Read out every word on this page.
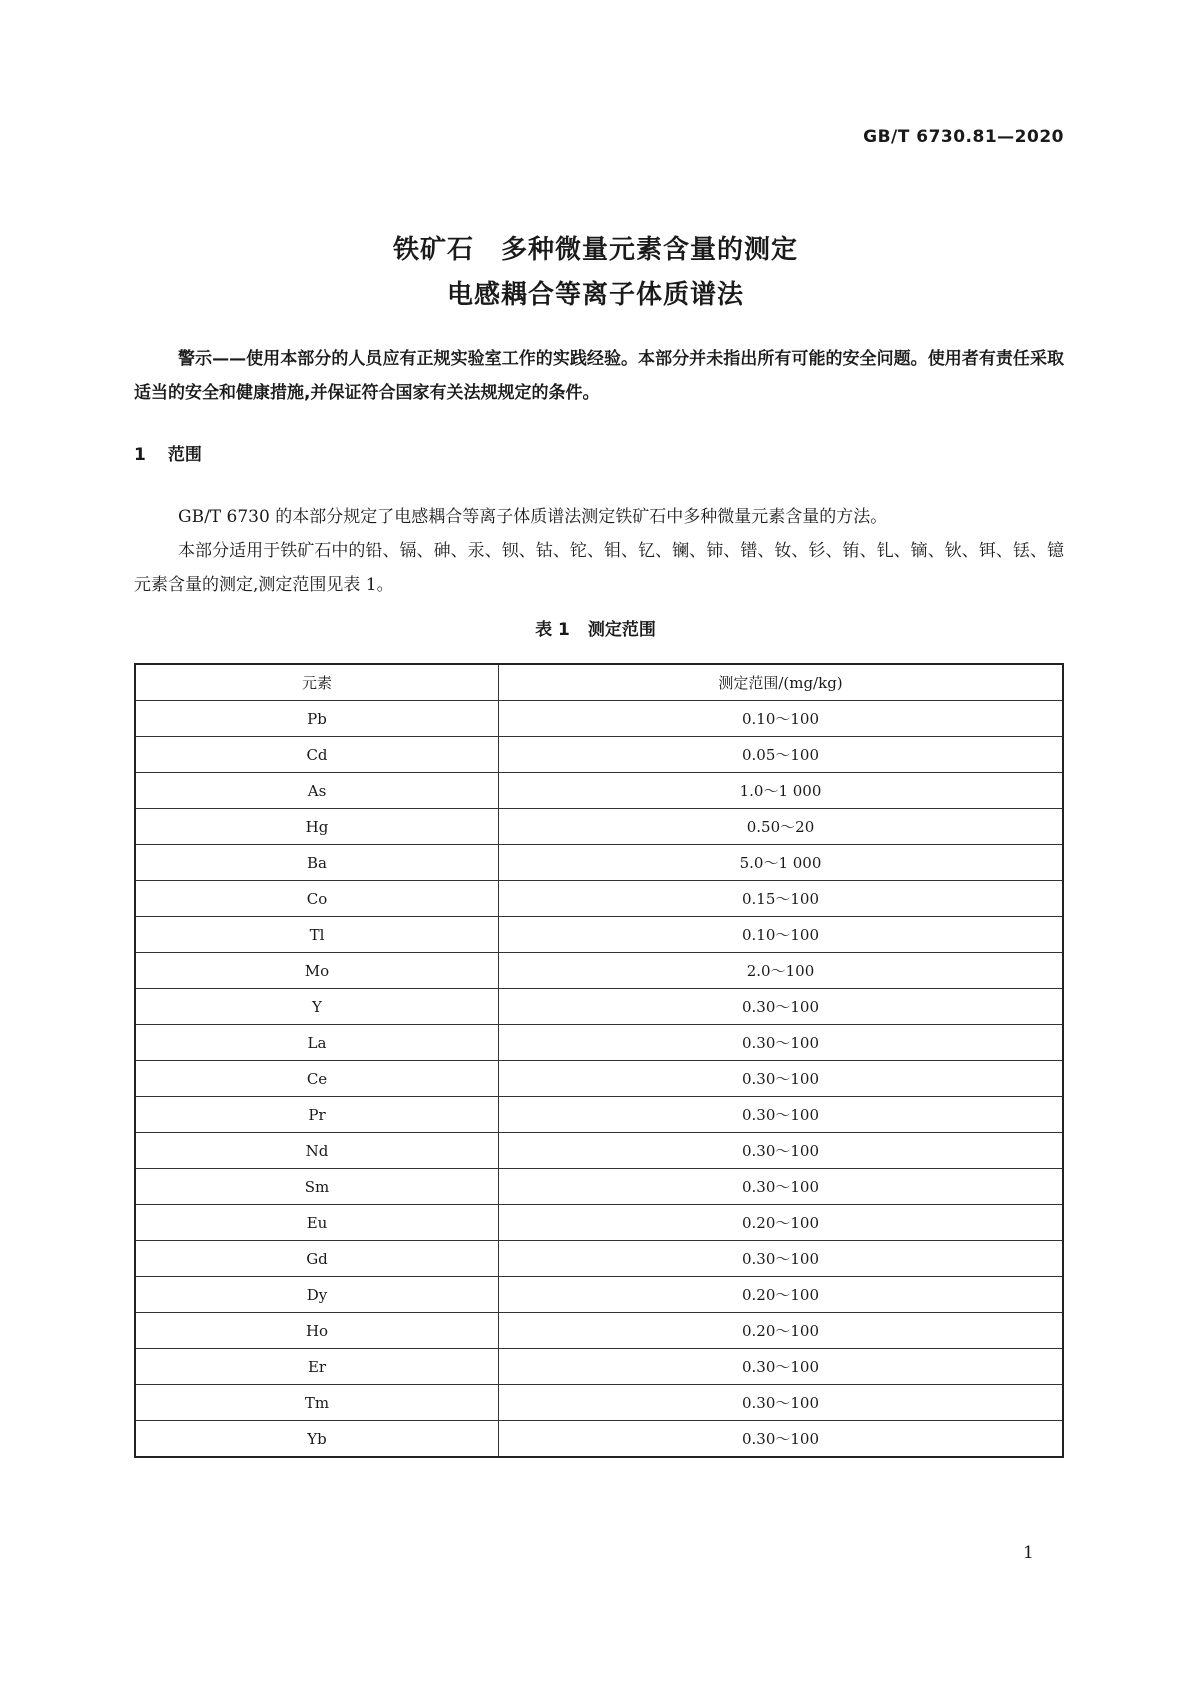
GB/T 6730.81—2020
铁矿石　多种微量元素含量的测定
电感耦合等离子体质谱法

警示——使用本部分的人员应有正规实验室工作的实践经验。本部分并未指出所有可能的安全问题。使用者有责任采取适当的安全和健康措施,并保证符合国家有关法规规定的条件。

1 范围

GB/T 6730 的本部分规定了电感耦合等离子体质谱法测定铁矿石中多种微量元素含量的方法。

本部分适用于铁矿石中的铅、镉、砷、汞、钡、钴、铊、钼、钇、镧、铈、镨、钕、钐、铕、钆、镝、钬、铒、铥、镱元素含量的测定,测定范围见表 1。

表 1 测定范围
元素	测定范围/(mg/kg)
Pb	0.10～100
Cd	0.05～100
As	1.0～1 000
Hg	0.50～20
Ba	5.0～1 000
Co	0.15～100
Tl	0.10～100
Mo	2.0～100
Y	0.30～100
La	0.30～100
Ce	0.30～100
Pr	0.30～100
Nd	0.30～100
Sm	0.30～100
Eu	0.20～100
Gd	0.30～100
Dy	0.20～100
Ho	0.20～100
Er	0.30～100
Tm	0.30～100
Yb	0.30～100
1
